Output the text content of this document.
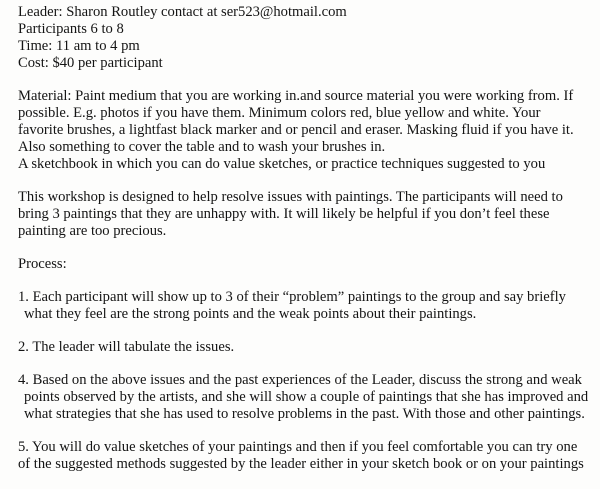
Leader: Sharon Routley contact at ser523@hotmail.com
Participants 6 to 8
Time: 11 am to 4 pm
Cost: $40 per participant
Material: Paint medium that you are working in.and source material you were working from. If
possible. E.g. photos if you have them. Minimum colors red, blue yellow and white. Your
favorite brushes, a lightfast black marker and or pencil and eraser. Masking fluid if you have it.
Also something to cover the table and to wash your brushes in.
A sketchbook in which you can do value sketches, or practice techniques suggested to you
This workshop is designed to help resolve issues with paintings. The participants will need to
bring 3 paintings that they are unhappy with. It will likely be helpful if you don’t feel these
painting are too precious.
Process:
1. Each participant will show up to 3 of their “problem” paintings to the group and say briefly
what they feel are the strong points and the weak points about their paintings.
2. The leader will tabulate the issues.
4. Based on the above issues and the past experiences of the Leader, discuss the strong and weak
points observed by the artists, and she will show a couple of paintings that she has improved and
what strategies that she has used to resolve problems in the past. With those and other paintings.
5. You will do value sketches of your paintings and then if you feel comfortable you can try one
of the suggested methods suggested by the leader either in your sketch book or on your paintings
